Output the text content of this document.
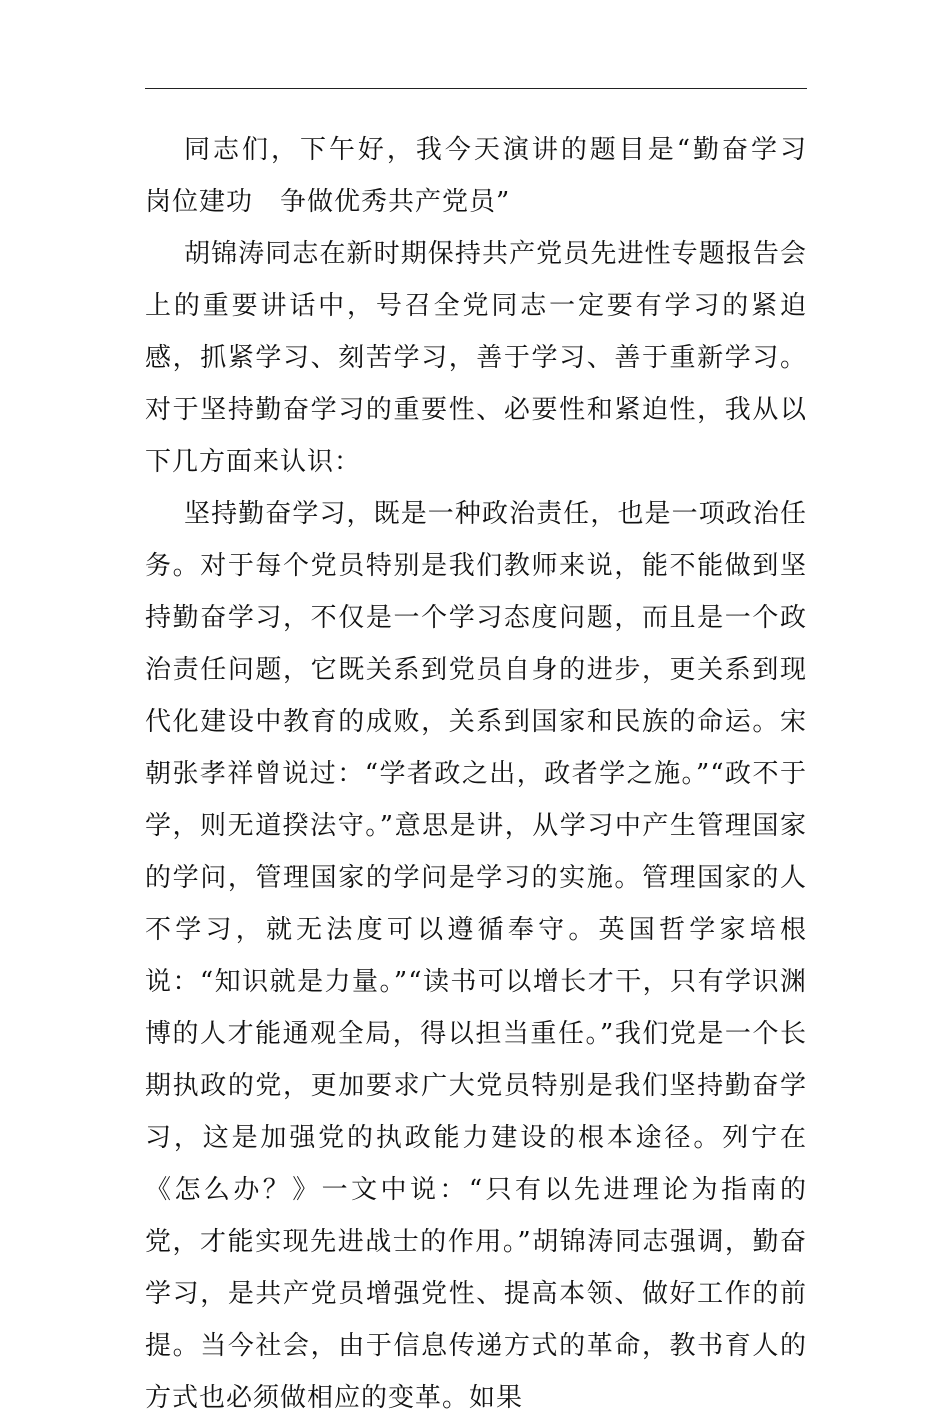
同志们，下午好，我今天演讲的题目是“勤奋学习　岗位建功　争做优秀共产党员”

胡锦涛同志在新时期保持共产党员先进性专题报告会上的重要讲话中，号召全党同志一定要有学习的紧迫感，抓紧学习、刻苦学习，善于学习、善于重新学习。对于坚持勤奋学习的重要性、必要性和紧迫性，我从以下几方面来认识：

坚持勤奋学习，既是一种政治责任，也是一项政治任务。对于每个党员特别是我们教师来说，能不能做到坚持勤奋学习，不仅是一个学习态度问题，而且是一个政治责任问题，它既关系到党员自身的进步，更关系到现代化建设中教育的成败，关系到国家和民族的命运。宋朝张孝祥曾说过：“学者政之出，政者学之施。”“政不于学，则无道揆法守。”意思是讲，从学习中产生管理国家的学问，管理国家的学问是学习的实施。管理国家的人不学习，就无法度可以遵循奉守。英国哲学家培根说：“知识就是力量。”“读书可以增长才干，只有学识渊博的人才能通观全局，得以担当重任。”我们党是一个长期执政的党，更加要求广大党员特别是我们坚持勤奋学习，这是加强党的执政能力建设的根本途径。列宁在《怎么办？》一文中说：“只有以先进理论为指南的党，才能实现先进战士的作用。”胡锦涛同志强调，勤奋学习，是共产党员增强党性、提高本领、做好工作的前提。当今社会，由于信息传递方式的革命，教书育人的方式也必须做相应的变革。如果
